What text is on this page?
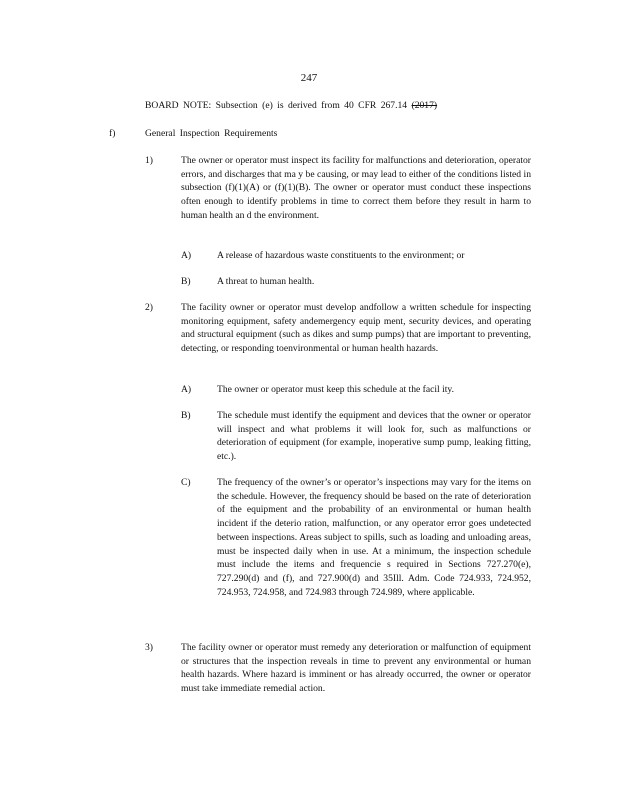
247
BOARD NOTE: Subsection (e) is derived from 40 CFR 267.14 (2017)
f)	General Inspection Requirements
1)	The owner or operator must inspect its facility for malfunctions and deterioration, operator errors, and discharges that ma y be causing, or may lead to either of the conditions listed in subsection (f)(1)(A) or (f)(1)(B). The owner or operator must conduct these inspections often enough to identify problems in time to correct them before they result in harm to human health an d the environment.
A)	A release of hazardous waste constituents to the environment; or
B)	A threat to human health.
2)	The facility owner or operator must develop andfollow a written schedule for inspecting monitoring equipment, safety andemergency equip ment, security devices, and operating and structural equipment (such as dikes and sump pumps) that are important to preventing, detecting, or responding toenvironmental or human health hazards.
A)	The owner or operator must keep this schedule at the facil ity.
B)	The schedule must identify the equipment and devices that the owner or operator will inspect and what problems it will look for, such as malfunctions or deterioration of equipment (for example, inoperative sump pump, leaking fitting, etc.).
C)	The frequency of the owner’s or operator’s inspections may vary for the items on the schedule. However, the frequency should be based on the rate of deterioration of the equipment and the probability of an environmental or human health incident if the deterio ration, malfunction, or any operator error goes undetected between inspections. Areas subject to spills, such as loading and unloading areas, must be inspected daily when in use. At a minimum, the inspection schedule must include the items and frequencie s required in Sections 727.270(e), 727.290(d) and (f), and 727.900(d) and 35Ill. Adm. Code 724.933, 724.952, 724.953, 724.958, and 724.983 through 724.989, where applicable.
3)	The facility owner or operator must remedy any deterioration or malfunction of equipment or structures that the inspection reveals in time to prevent any environmental or human health hazards. Where hazard is imminent or has already occurred, the owner or operator must take immediate remedial action.
